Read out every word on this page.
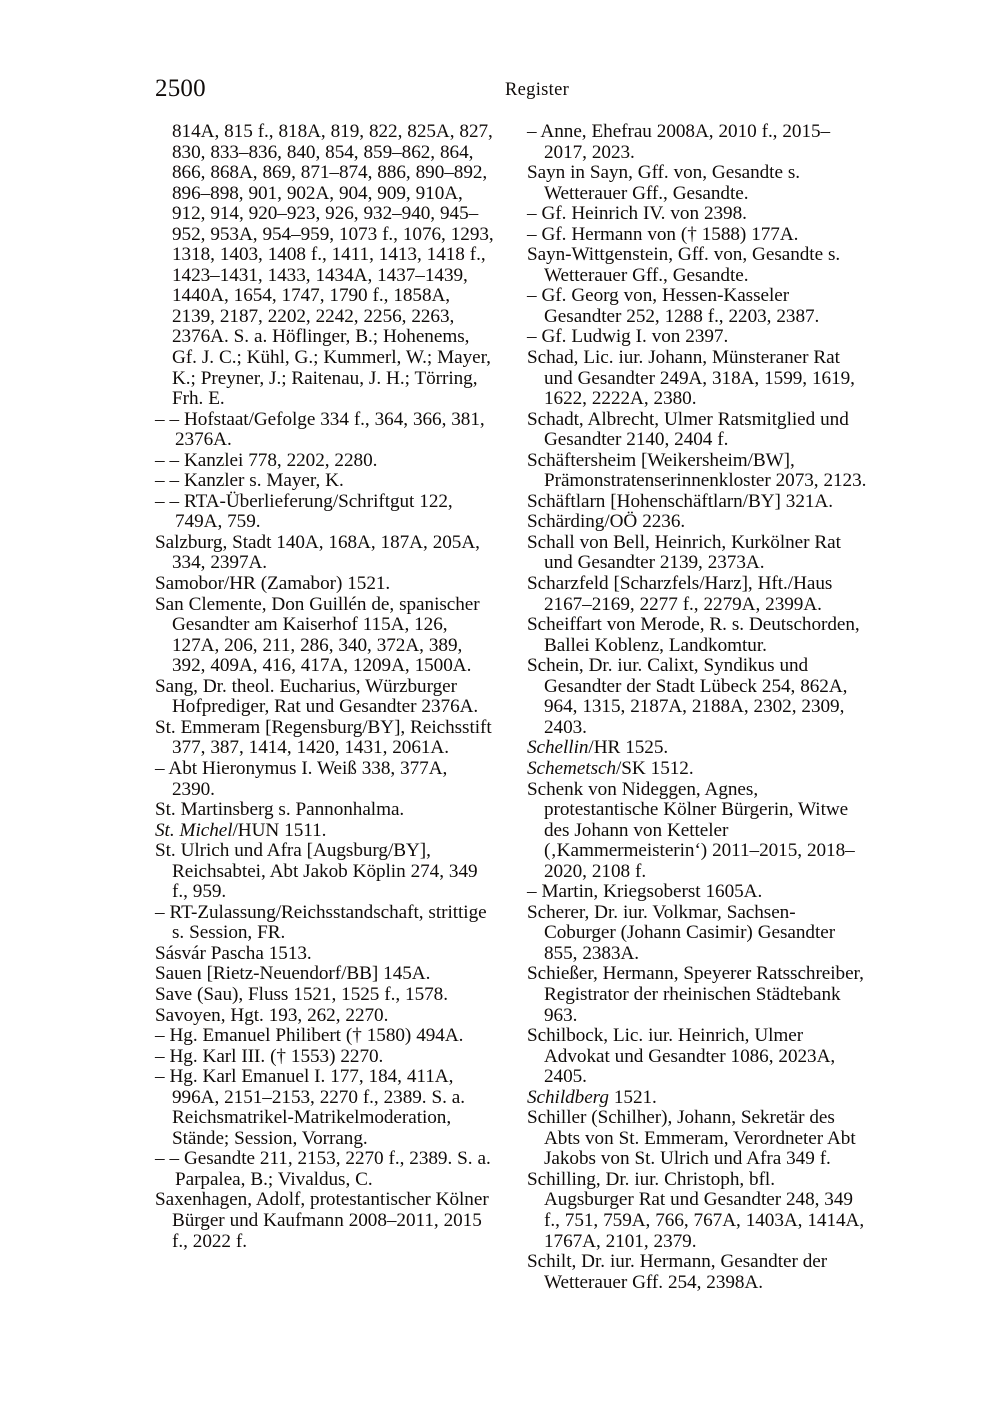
2500	Register

814A, 815 f., 818A, 819, 822, 825A, 827, 830, 833–836, 840, 854, 859–862, 864, 866, 868A, 869, 871–874, 886, 890–892, 896–898, 901, 902A, 904, 909, 910A, 912, 914, 920–923, 926, 932–940, 945–952, 953A, 954–959, 1073 f., 1076, 1293, 1318, 1403, 1408 f., 1411, 1413, 1418 f., 1423–1431, 1433, 1434A, 1437–1439, 1440A, 1654, 1747, 1790 f., 1858A, 2139, 2187, 2202, 2242, 2256, 2263, 2376A. S. a. Höflinger, B.; Hohenems, Gf. J. C.; Kühl, G.; Kummerl, W.; Mayer, K.; Preyner, J.; Raitenau, J. H.; Törring, Frh. E.

– – Hofstaat/Gefolge 334 f., 364, 366, 381, 2376A.

– – Kanzlei 778, 2202, 2280.

– – Kanzler s. Mayer, K.

– – RTA-Überlieferung/Schriftgut 122, 749A, 759.

Salzburg, Stadt 140A, 168A, 187A, 205A, 334, 2397A.

Samobor/HR (Zamabor) 1521.

San Clemente, Don Guillén de, spanischer Gesandter am Kaiserhof 115A, 126, 127A, 206, 211, 286, 340, 372A, 389, 392, 409A, 416, 417A, 1209A, 1500A.

Sang, Dr. theol. Eucharius, Würzburger Hofprediger, Rat und Gesandter 2376A.

St. Emmeram [Regensburg/BY], Reichsstift 377, 387, 1414, 1420, 1431, 2061A.

– Abt Hieronymus I. Weiß 338, 377A, 2390.

St. Martinsberg s. Pannonhalma.

St. Michel/HUN 1511.

St. Ulrich und Afra [Augsburg/BY], Reichsabtei, Abt Jakob Köplin 274, 349 f., 959.

– RT-Zulassung/Reichsstandschaft, strittige s. Session, FR.

Sásvár Pascha 1513.

Sauen [Rietz-Neuendorf/BB] 145A.

Save (Sau), Fluss 1521, 1525 f., 1578.

Savoyen, Hgt. 193, 262, 2270.

– Hg. Emanuel Philibert († 1580) 494A.

– Hg. Karl III. († 1553) 2270.

– Hg. Karl Emanuel I. 177, 184, 411A, 996A, 2151–2153, 2270 f., 2389. S. a. Reichsmatrikel-Matrikelmoderation, Stände; Session, Vorrang.

– – Gesandte 211, 2153, 2270 f., 2389. S. a. Parpalea, B.; Vivaldus, C.

Saxenhagen, Adolf, protestantischer Kölner Bürger und Kaufmann 2008–2011, 2015 f., 2022 f.

– Anne, Ehefrau 2008A, 2010 f., 2015–2017, 2023.

Sayn in Sayn, Gff. von, Gesandte s. Wetterauer Gff., Gesandte.

– Gf. Heinrich IV. von 2398.

– Gf. Hermann von († 1588) 177A.

Sayn-Wittgenstein, Gff. von, Gesandte s. Wetterauer Gff., Gesandte.

– Gf. Georg von, Hessen-Kasseler Gesandter 252, 1288 f., 2203, 2387.

– Gf. Ludwig I. von 2397.

Schad, Lic. iur. Johann, Münsteraner Rat und Gesandter 249A, 318A, 1599, 1619, 1622, 2222A, 2380.

Schadt, Albrecht, Ulmer Ratsmitglied und Gesandter 2140, 2404 f.

Schäftersheim [Weikersheim/BW], Prämonstratenserinnenkloster 2073, 2123.

Schäftlarn [Hohenschäftlarn/BY] 321A.

Schärding/OÖ 2236.

Schall von Bell, Heinrich, Kurkölner Rat und Gesandter 2139, 2373A.

Scharzfeld [Scharzfels/Harz], Hft./Haus 2167–2169, 2277 f., 2279A, 2399A.

Scheiffart von Merode, R. s. Deutschorden, Ballei Koblenz, Landkomtur.

Schein, Dr. iur. Calixt, Syndikus und Gesandter der Stadt Lübeck 254, 862A, 964, 1315, 2187A, 2188A, 2302, 2309, 2403.

Schellin/HR 1525.

Schemetsch/SK 1512.

Schenk von Nideggen, Agnes, protestantische Kölner Bürgerin, Witwe des Johann von Ketteler (‚Kammermeisterin‘) 2011–2015, 2018–2020, 2108 f.

– Martin, Kriegsoberst 1605A.

Scherer, Dr. iur. Volkmar, Sachsen-Coburger (Johann Casimir) Gesandter 855, 2383A.

Schießer, Hermann, Speyerer Ratsschreiber, Registrator der rheinischen Städtebank 963.

Schilbock, Lic. iur. Heinrich, Ulmer Advokat und Gesandter 1086, 2023A, 2405.

Schildberg 1521.

Schiller (Schilher), Johann, Sekretär des Abts von St. Emmeram, Verordneter Abt Jakobs von St. Ulrich und Afra 349 f.

Schilling, Dr. iur. Christoph, bfl. Augsburger Rat und Gesandter 248, 349 f., 751, 759A, 766, 767A, 1403A, 1414A, 1767A, 2101, 2379.

Schilt, Dr. iur. Hermann, Gesandter der Wetterauer Gff. 254, 2398A.
